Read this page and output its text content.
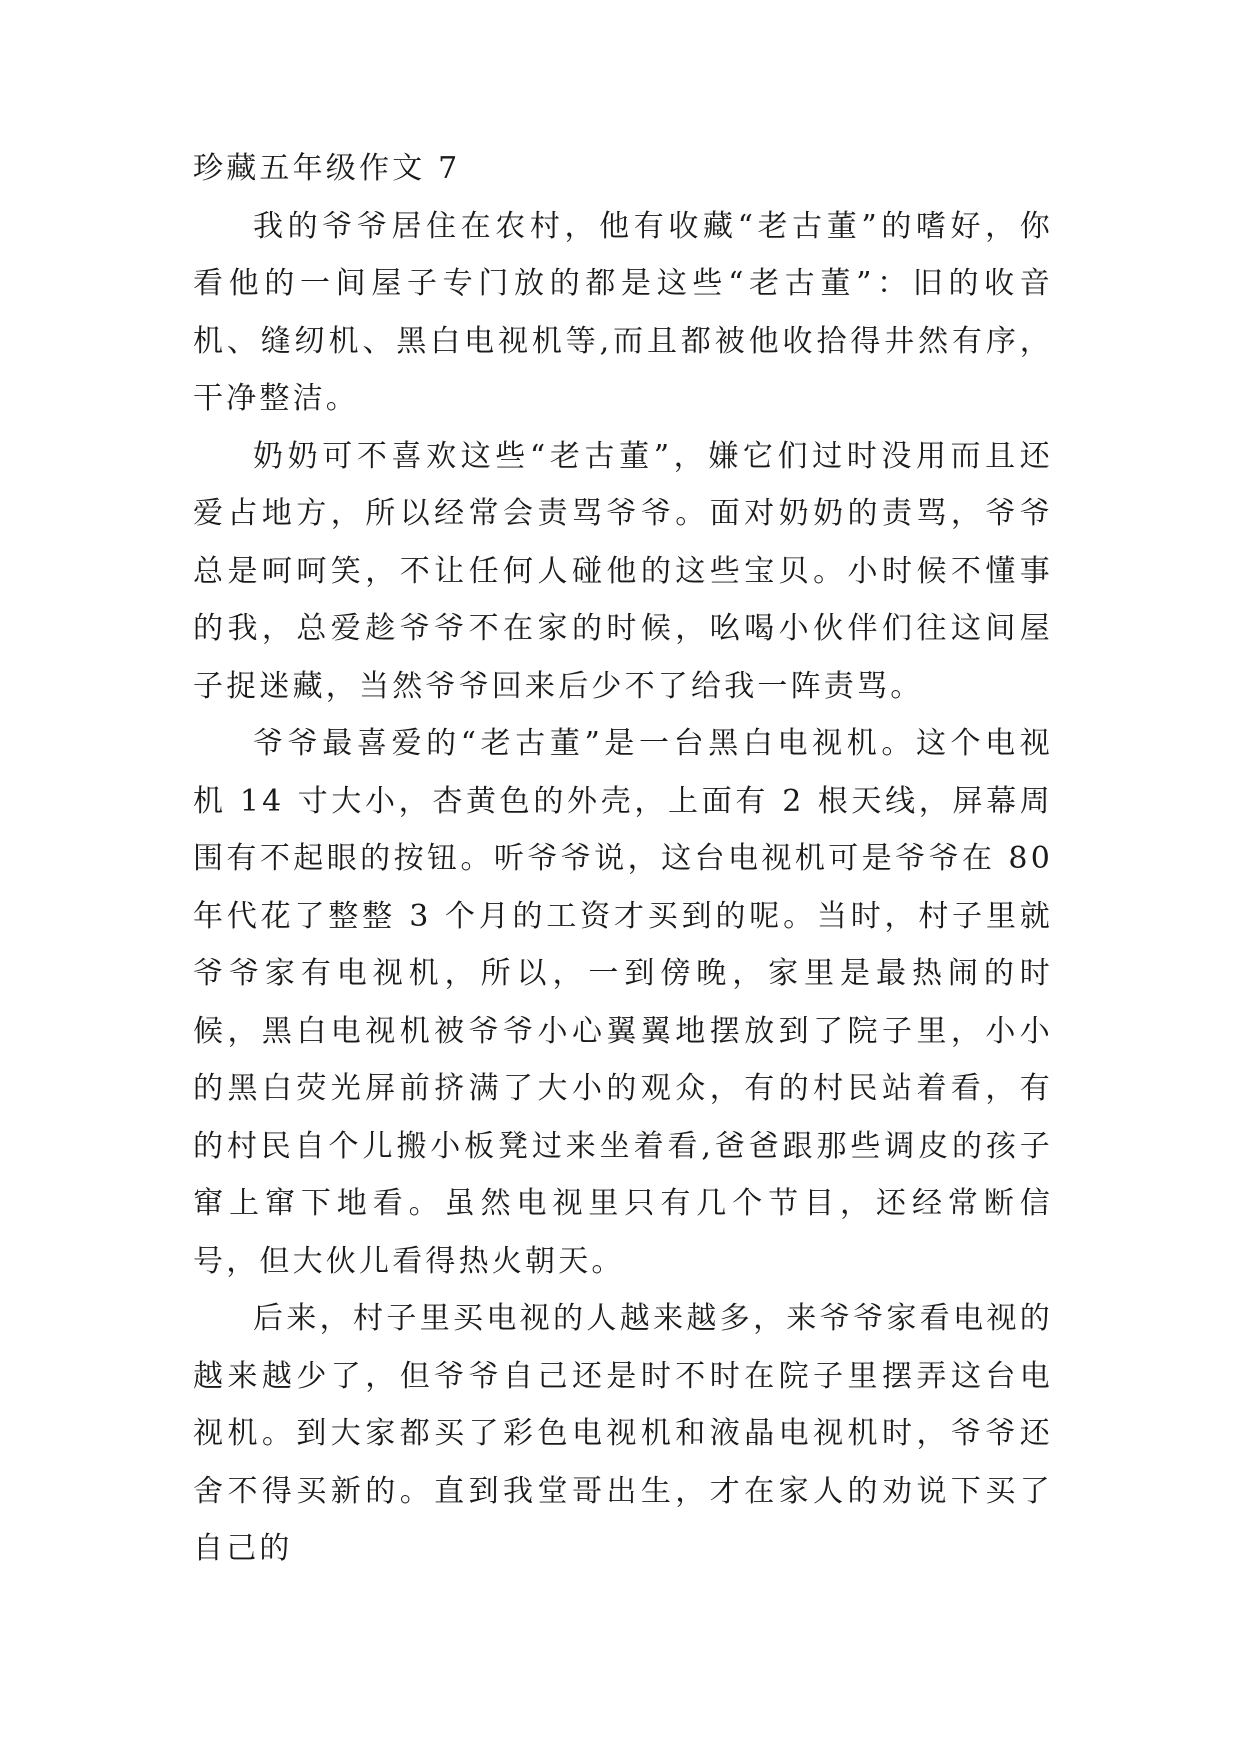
珍藏五年级作文 7

我的爷爷居住在农村，他有收藏“老古董”的嗜好，你看他的一间屋子专门放的都是这些“老古董”：旧的收音机、缝纫机、黑白电视机等,而且都被他收拾得井然有序，干净整洁。

奶奶可不喜欢这些“老古董”，嫌它们过时没用而且还爱占地方，所以经常会责骂爷爷。面对奶奶的责骂，爷爷总是呵呵笑，不让任何人碰他的这些宝贝。小时候不懂事的我，总爱趁爷爷不在家的时候，吆喝小伙伴们往这间屋子捉迷藏，当然爷爷回来后少不了给我一阵责骂。

爷爷最喜爱的“老古董”是一台黑白电视机。这个电视机 14 寸大小，杏黄色的外壳，上面有 2 根天线，屏幕周围有不起眼的按钮。听爷爷说，这台电视机可是爷爷在 80 年代花了整整 3 个月的工资才买到的呢。当时，村子里就爷爷家有电视机，所以，一到傍晚，家里是最热闹的时候，黑白电视机被爷爷小心翼翼地摆放到了院子里，小小的黑白荧光屏前挤满了大小的观众，有的村民站着看，有的村民自个儿搬小板凳过来坐着看,爸爸跟那些调皮的孩子窜上窜下地看。虽然电视里只有几个节目，还经常断信号，但大伙儿看得热火朝天。

后来，村子里买电视的人越来越多，来爷爷家看电视的越来越少了，但爷爷自己还是时不时在院子里摆弄这台电视机。到大家都买了彩色电视机和液晶电视机时，爷爷还舍不得买新的。直到我堂哥出生，才在家人的劝说下买了自己的
